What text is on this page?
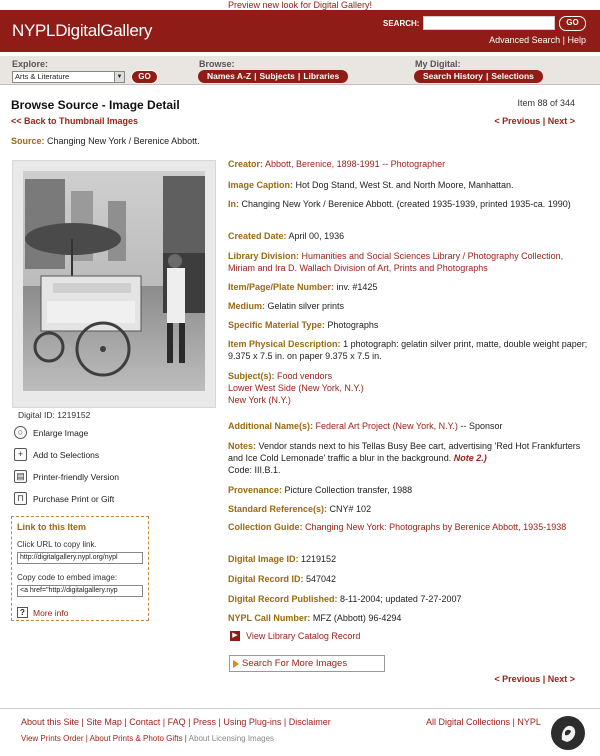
Preview new look for Digital Gallery!
NYPLDigitalGallery	SEARCH:	GO
Advanced Search | Help
Explore:
Arts & Literature	▼	GO
Browse:
Names A-Z | Subjects | Libraries
My Digital:
Search History | Selections
Browse Source - Image Detail	Item 88 of 344
<< Back to Thumbnail Images	< Previous | Next >
Source: Changing New York / Berenice Abbott.
Digital ID: 1219152
○	Enlarge Image
+	Add to Selections
▤ Printer-friendly Version
⊓	Purchase Print or Gift
Link to this Item
Click URL to copy link.
http://digitalgallery.nypl.org/nypl
Copy code to embed image:
<a href="http://digitalgallery.nyp
? More info
Creator: Abbott, Berenice, 1898-1991 -- Photographer
Image Caption: Hot Dog Stand, West St. and North Moore, Manhattan.
In: Changing New York / Berenice Abbott. (created 1935-1939, printed 1935-ca. 1990)
Created Date: April 00, 1936
Library Division: Humanities and Social Sciences Library / Photography Collection, Miriam and Ira D. Wallach Division of Art, Prints and Photographs
Item/Page/Plate Number: inv. #1425
Medium: Gelatin silver prints
Specific Material Type: Photographs
Item Physical Description: 1 photograph: gelatin silver print, matte, double weight paper; 9.375 x 7.5 in. on paper 9.375 x 7.5 in.
Subject(s): Food vendors
Lower West Side (New York, N.Y.)
New York (N.Y.)
Additional Name(s): Federal Art Project (New York, N.Y.) -- Sponsor
Notes: Vendor stands next to his Tellas Busy Bee cart, advertising 'Red Hot Frankfurters and Ice Cold Lemonade' traffic a blur in the background. Note 2.)
Code: III.B.1.
Provenance: Picture Collection transfer, 1988
Standard Reference(s): CNY# 102
Collection Guide: Changing New York: Photographs by Berenice Abbott, 1935-1938
Digital Image ID: 1219152
Digital Record ID: 547042
Digital Record Published: 8-11-2004; updated 7-27-2007
NYPL Call Number: MFZ (Abbott) 96-4294
▶ View Library Catalog Record
Search For More Images
< Previous | Next >
About this Site | Site Map | Contact | FAQ | Press | Using Plug-ins | Disclaimer
View Prints Order | About Prints & Photo Gifts | About Licensing Images
All Digital Collections | NYPL
